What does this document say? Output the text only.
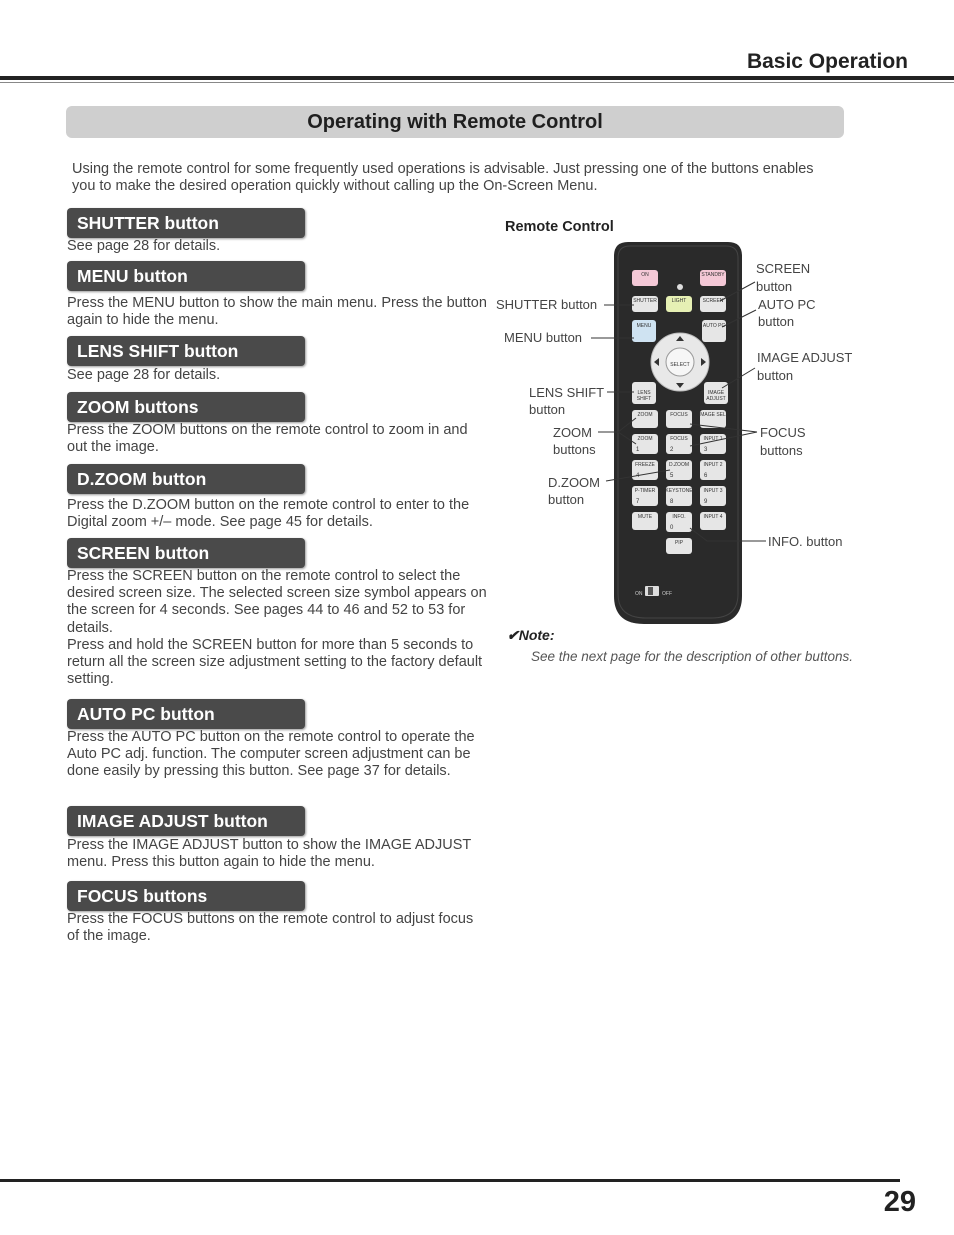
Basic Operation
Operating with Remote Control
Using the remote control for some frequently used operations is advisable. Just pressing one of the buttons enables you to make the desired operation quickly without calling up the On-Screen Menu.
SHUTTER button
See page 28 for details.
MENU button
Press the MENU button to show the main menu. Press the button again to hide the menu.
LENS SHIFT button
See page 28 for details.
ZOOM buttons
Press the ZOOM buttons on the remote control to zoom in and out the image.
D.ZOOM button
Press the D.ZOOM button on the remote control to enter to the Digital zoom +/– mode. See page 45 for details.
SCREEN button
Press the SCREEN button on the remote control to select the desired screen size. The selected screen size symbol appears on the screen for 4 seconds. See pages 44 to 46 and 52 to 53 for details.
Press and hold the SCREEN button for more than 5 seconds to return all the screen size adjustment setting to the factory default setting.
AUTO PC button
Press the AUTO PC button on the remote control to operate the Auto PC adj. function. The computer screen adjustment can be done easily by pressing this button. See page 37 for details.
IMAGE ADJUST button
Press the IMAGE ADJUST button to show the IMAGE ADJUST menu. Press this button again to hide the menu.
FOCUS buttons
Press the FOCUS buttons on the remote control to adjust focus of the image.
Remote Control
ON	STANDBY
SHUTTER	LIGHT	SCREEN
MENU	AUTO PC
SELECT
LENS
SHIFT
IMAGE
ADJUST
ZOOM	FOCUS IMAGE SEL.
ZOOM
1
FOCUS
2
INPUT 1
3
FREEZE
4
D.ZOOM
5
INPUT 2
6
P-TIMER
7
KEYSTONE
8
INPUT 3
9
MUTE	INFO.
0
INPUT 4
PIP
ON	OFF
SCREEN
button
SHUTTER button	AUTO PC
button
MENU button
IMAGE ADJUST
button
LENS SHIFT
button
ZOOM
buttons
FOCUS
buttons
D.ZOOM
button
INFO. button
✔Note:
See the next page for the description of other buttons.
29
